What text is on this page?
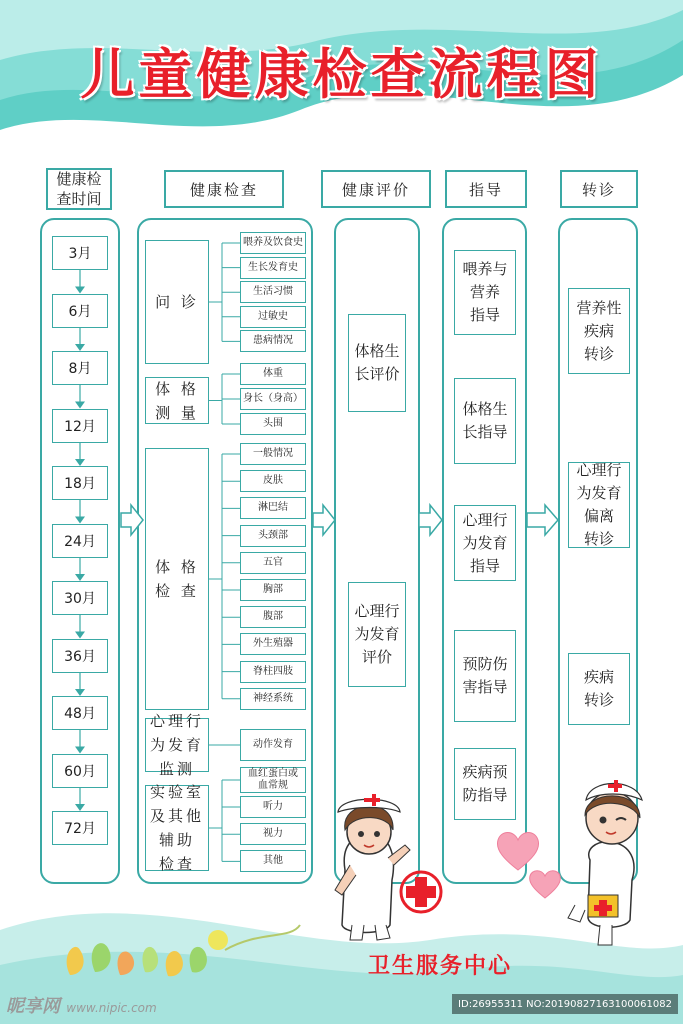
儿童健康检查流程图
健康检
查时间
健康检查	健康评价	指导	转诊
3月
6月
8月
12月
18月
24月
30月
36月
48月
60月
72月
问 诊
喂养及饮食史
生长发育史
生活习惯
过敏史
患病情况
体 格
测 量
体重
身长（身高）
头围
体 格
检 查
一般情况
皮肤
淋巴结
头颈部
五官
胸部
腹部
外生殖器
脊柱四肢
神经系统
心理行
为发育
监测
动作发育
实验室
及其他
辅助
检查
血红蛋白或
血常规
听力
视力
其他
体格生
长评价
心理行
为发育
评价
喂养与
营养
指导
体格生
长指导
心理行
为发育
指导
预防伤
害指导
疾病预
防指导
营养性
疾病
转诊
心理行
为发育
偏离
转诊
疾病
转诊
卫生服务中心
昵享网 www.nipic.com	ID:26955311 NO:20190827163100061082
